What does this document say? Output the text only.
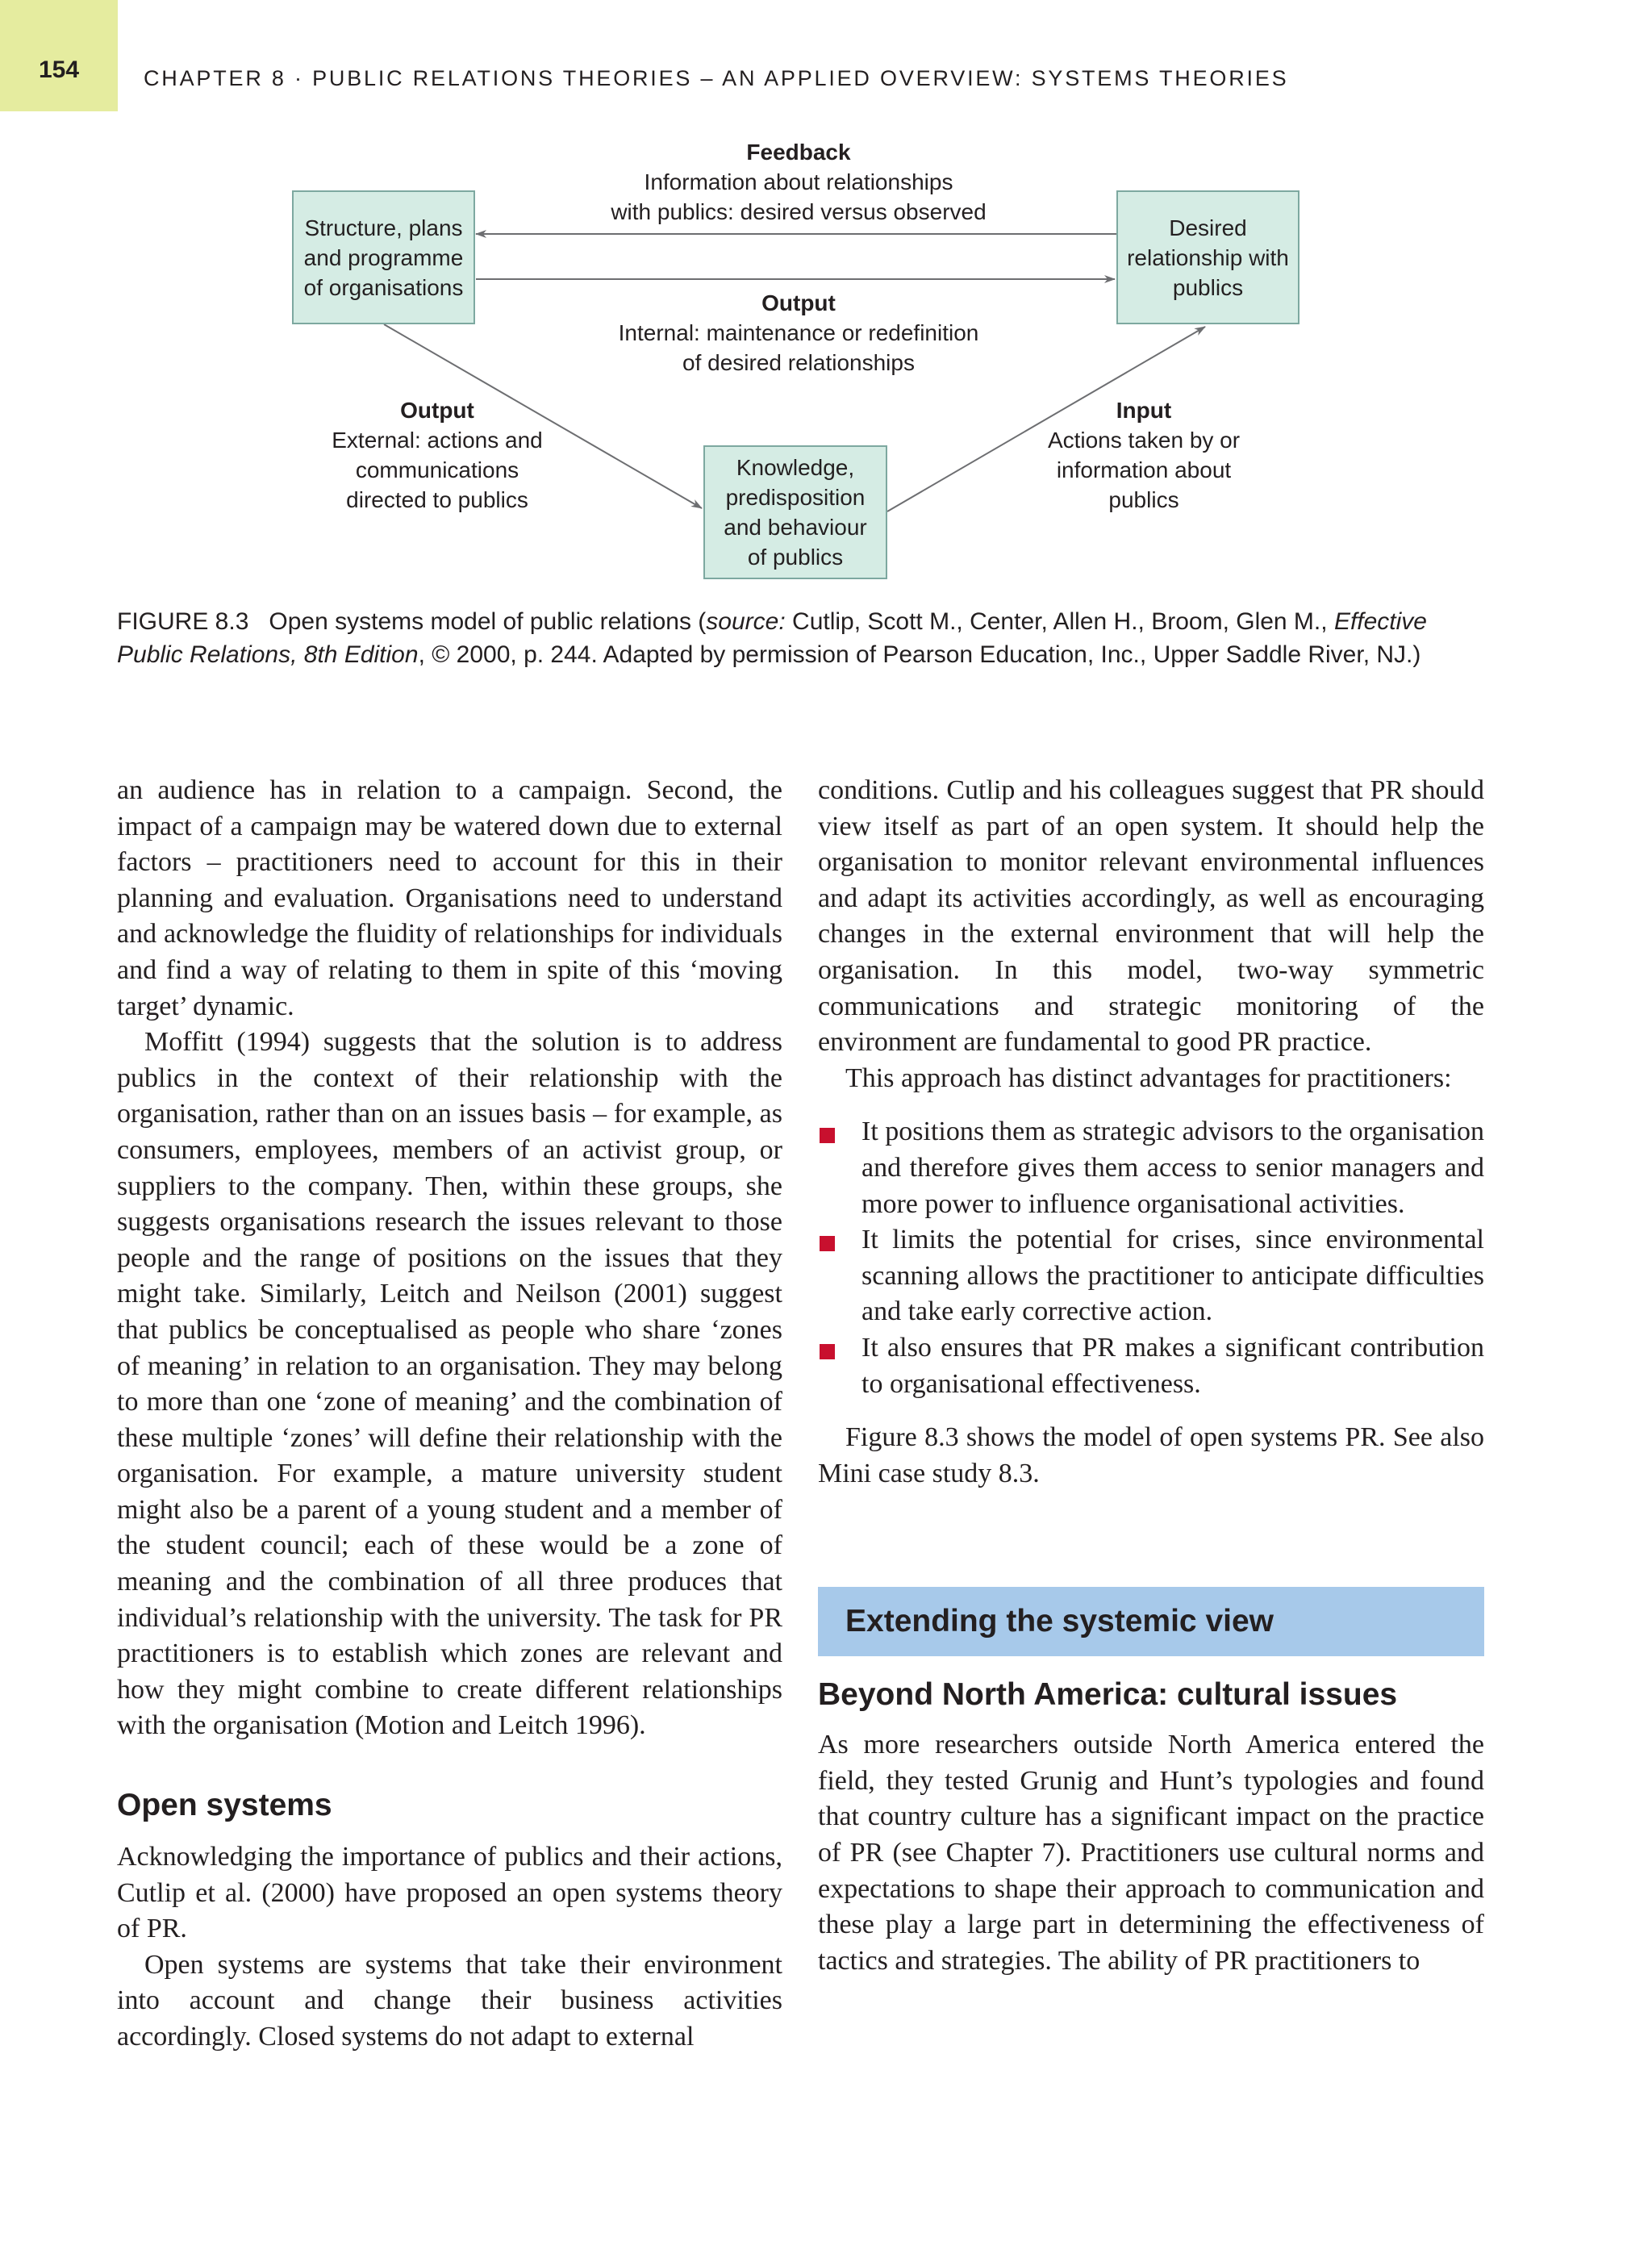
154	CHAPTER 8 · PUBLIC RELATIONS THEORIES – AN APPLIED OVERVIEW: SYSTEMS THEORIES
Structure, plans and programme of organisations
Desired relationship with publics
Knowledge, predisposition and behaviour of publics
Feedback
Information about relationships
with publics: desired versus observed
Output
Internal: maintenance or redefinition
of desired relationships
Output
External: actions and
communications
directed to publics
Input
Actions taken by or
information about
publics
FIGURE 8.3 Open systems model of public relations (source: Cutlip, Scott M., Center, Allen H., Broom, Glen M., Effective Public Relations, 8th Edition, © 2000, p. 244. Adapted by permission of Pearson Education, Inc., Upper Saddle River, NJ.)

an audience has in relation to a campaign. Second, the impact of a campaign may be watered down due to external factors – practitioners need to account for this in their planning and evaluation. Organisations need to understand and acknowledge the fluidity of relationships for individuals and find a way of relating to them in spite of this ‘moving target’ dynamic.

Moffitt (1994) suggests that the solution is to address publics in the context of their relationship with the organisation, rather than on an issues basis – for example, as consumers, employees, members of an activist group, or suppliers to the company. Then, within these groups, she suggests organisations research the issues relevant to those people and the range of positions on the issues that they might take. Similarly, Leitch and Neilson (2001) suggest that publics be conceptualised as people who share ‘zones of meaning’ in relation to an organisation. They may belong to more than one ‘zone of meaning’ and the combination of these multiple ‘zones’ will define their relationship with the organisation. For example, a mature university student might also be a parent of a young student and a member of the student council; each of these would be a zone of meaning and the combination of all three produces that individual’s relationship with the university. The task for PR practitioners is to establish which zones are relevant and how they might combine to create different relationships with the organisation (Motion and Leitch 1996).

Open systems

Acknowledging the importance of publics and their actions, Cutlip et al. (2000) have proposed an open systems theory of PR.

Open systems are systems that take their environment into account and change their business activities accordingly. Closed systems do not adapt to external

conditions. Cutlip and his colleagues suggest that PR should view itself as part of an open system. It should help the organisation to monitor relevant environmental influences and adapt its activities accordingly, as well as encouraging changes in the external environment that will help the organisation. In this model, two-way symmetric communications and strategic monitoring of the environment are fundamental to good PR practice.

This approach has distinct advantages for practitioners:

It positions them as strategic advisors to the organisation and therefore gives them access to senior managers and more power to influence organisational activities.
It limits the potential for crises, since environmental scanning allows the practitioner to anticipate difficulties and take early corrective action.
It also ensures that PR makes a significant contribution to organisational effectiveness.

Figure 8.3 shows the model of open systems PR. See also Mini case study 8.3.

Extending the systemic view
Beyond North America: cultural issues

As more researchers outside North America entered the field, they tested Grunig and Hunt’s typologies and found that country culture has a significant impact on the practice of PR (see Chapter 7). Practitioners use cultural norms and expectations to shape their approach to communication and these play a large part in determining the effectiveness of tactics and strategies. The ability of PR practitioners to
